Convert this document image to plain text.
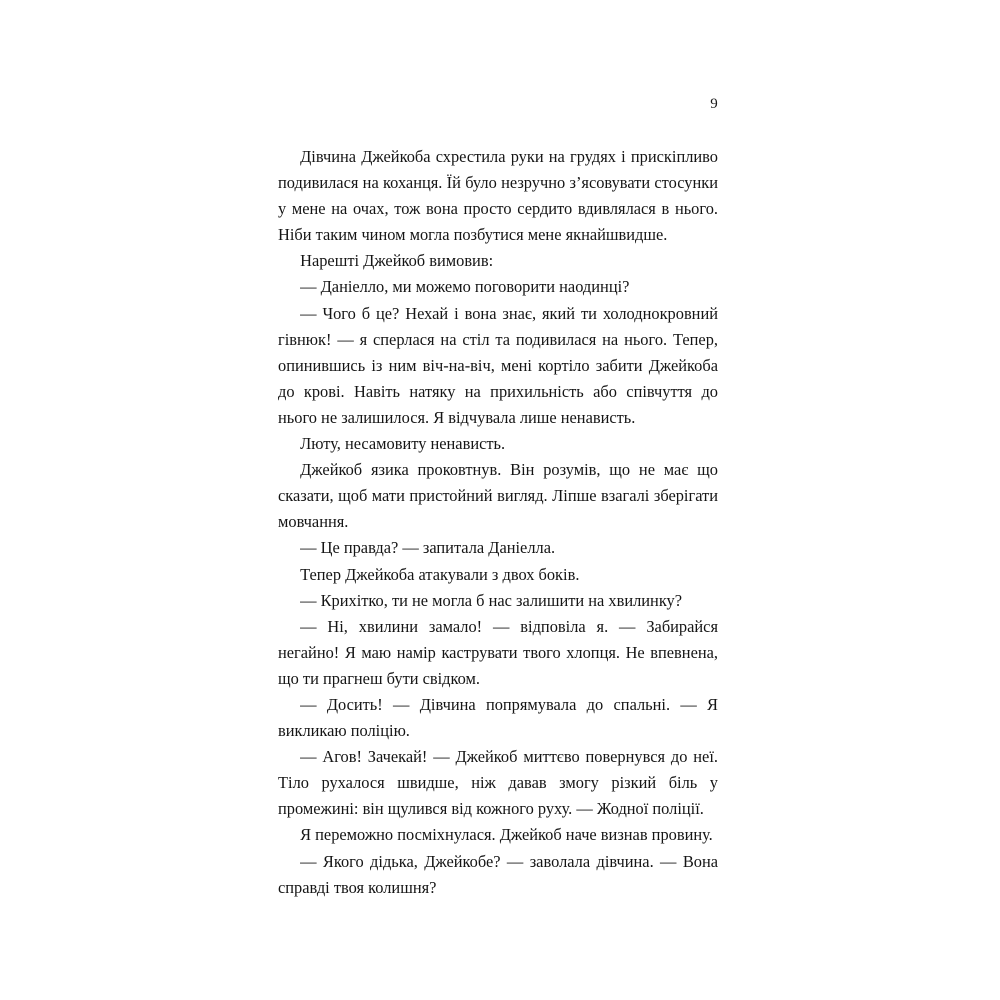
9

Дівчина Джейкоба схрестила руки на грудях і прискіпливо подивилася на коханця. Їй було незручно з’ясовувати стосунки у мене на очах, тож вона просто сердито вдивлялася в нього. Ніби таким чином могла позбутися мене якнайшвидше.

Нарешті Джейкоб вимовив:

— Даніелло, ми можемо поговорити наодинці?

— Чого б це? Нехай і вона знає, який ти холоднокровний гівнюк! — я сперлася на стіл та подивилася на нього. Тепер, опинившись із ним віч-на-віч, мені кортіло забити Джейкоба до крові. Навіть натяку на прихильність або співчуття до нього не залишилося. Я відчувала лише ненависть.

Люту, несамовиту ненависть.

Джейкоб язика проковтнув. Він розумів, що не має що сказати, щоб мати пристойний вигляд. Ліпше взагалі зберігати мовчання.

— Це правда? — запитала Даніелла.

Тепер Джейкоба атакували з двох боків.

— Крихітко, ти не могла б нас залишити на хвилинку?

— Ні, хвилини замало! — відповіла я. — Забирайся негайно! Я маю намір каструвати твого хлопця. Не впевнена, що ти прагнеш бути свідком.

— Досить! — Дівчина попрямувала до спальні. — Я викликаю поліцію.

— Агов! Зачекай! — Джейкоб миттєво повернувся до неї. Тіло рухалося швидше, ніж давав змогу різкий біль у промежині: він щулився від кожного руху. — Жодної поліції.

Я переможно посміхнулася. Джейкоб наче визнав провину.

— Якого дідька, Джейкобе? — заволала дівчина. — Вона справді твоя колишня?
